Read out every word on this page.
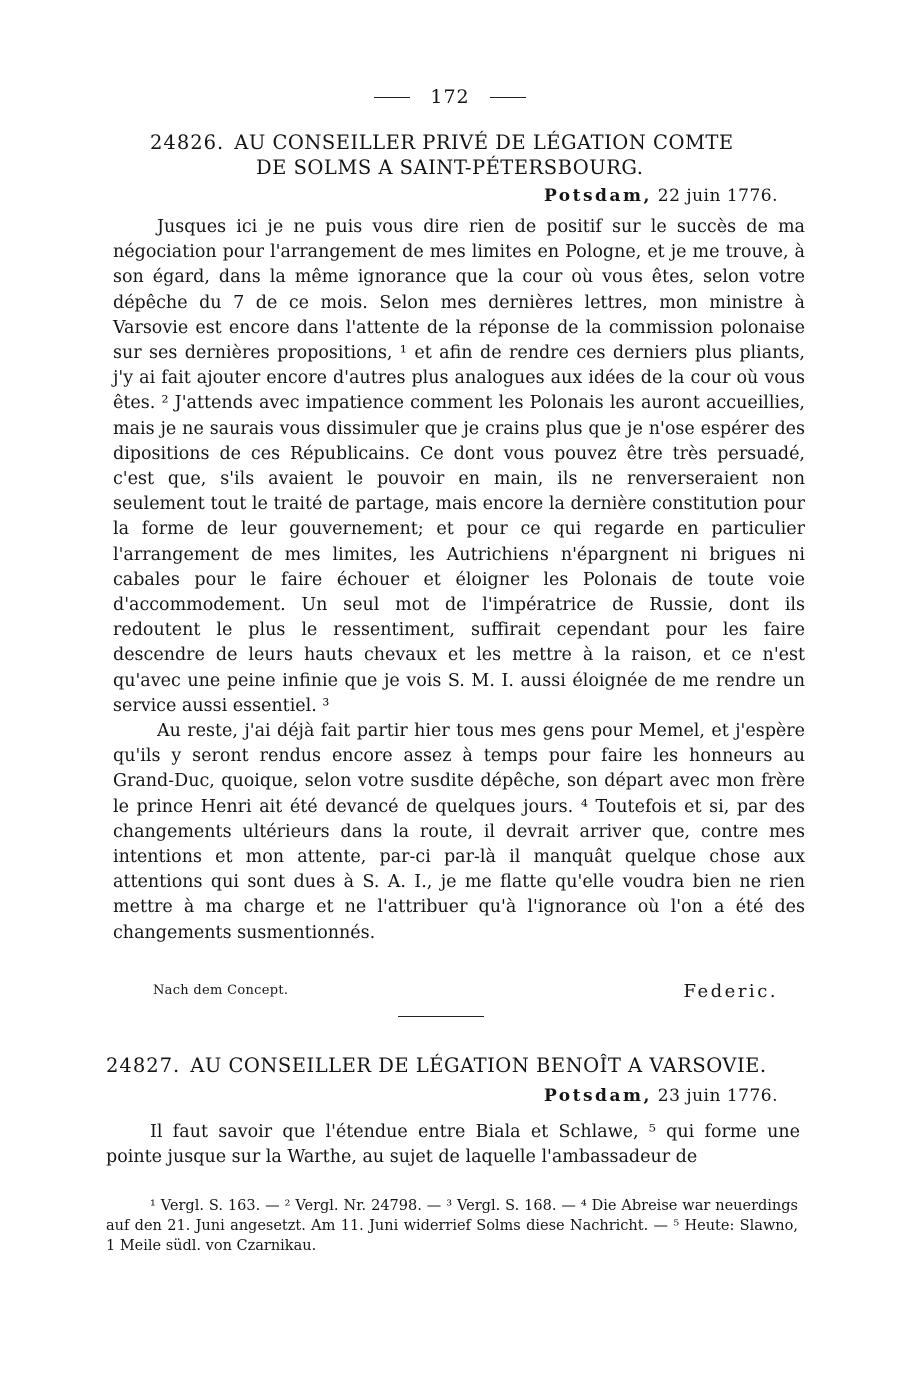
172
24826. AU CONSEILLER PRIVÉ DE LÉGATION COMTE
DE SOLMS A SAINT-PÉTERSBOURG.
Potsdam, 22 juin 1776.

Jusques ici je ne puis vous dire rien de positif sur le succès de ma négociation pour l'arrangement de mes limites en Pologne, et je me trouve, à son égard, dans la même ignorance que la cour où vous êtes, selon votre dépêche du 7 de ce mois. Selon mes dernières lettres, mon ministre à Varsovie est encore dans l'attente de la réponse de la commission polonaise sur ses dernières propositions, ¹ et afin de rendre ces derniers plus pliants, j'y ai fait ajouter encore d'autres plus analogues aux idées de la cour où vous êtes. ² J'attends avec impatience comment les Polonais les auront accueillies, mais je ne saurais vous dissimuler que je crains plus que je n'ose espérer des dipositions de ces Républicains. Ce dont vous pouvez être très persuadé, c'est que, s'ils avaient le pouvoir en main, ils ne renverseraient non seulement tout le traité de partage, mais encore la dernière constitution pour la forme de leur gouvernement; et pour ce qui regarde en particulier l'arrangement de mes limites, les Autrichiens n'épargnent ni brigues ni cabales pour le faire échouer et éloigner les Polonais de toute voie d'accommodement. Un seul mot de l'impératrice de Russie, dont ils redoutent le plus le ressentiment, suffirait cependant pour les faire descendre de leurs hauts chevaux et les mettre à la raison, et ce n'est qu'avec une peine infinie que je vois S. M. I. aussi éloignée de me rendre un service aussi essentiel. ³

Au reste, j'ai déjà fait partir hier tous mes gens pour Memel, et j'espère qu'ils y seront rendus encore assez à temps pour faire les honneurs au Grand-Duc, quoique, selon votre susdite dépêche, son départ avec mon frère le prince Henri ait été devancé de quelques jours. ⁴ Toutefois et si, par des changements ultérieurs dans la route, il devrait arriver que, contre mes intentions et mon attente, par-ci par-là il manquât quelque chose aux attentions qui sont dues à S. A. I., je me flatte qu'elle voudra bien ne rien mettre à ma charge et ne l'attribuer qu'à l'ignorance où l'on a été des changements susmentionnés.

Nach dem Concept.	Federic.
24827. AU CONSEILLER DE LÉGATION BENOÎT A VARSOVIE.
Potsdam, 23 juin 1776.

Il faut savoir que l'étendue entre Biala et Schlawe, ⁵ qui forme une pointe jusque sur la Warthe, au sujet de laquelle l'ambassadeur de

¹ Vergl. S. 163. — ² Vergl. Nr. 24798. — ³ Vergl. S. 168. — ⁴ Die Abreise war neuerdings auf den 21. Juni angesetzt. Am 11. Juni widerrief Solms diese Nachricht. — ⁵ Heute: Slawno, 1 Meile südl. von Czarnikau.
